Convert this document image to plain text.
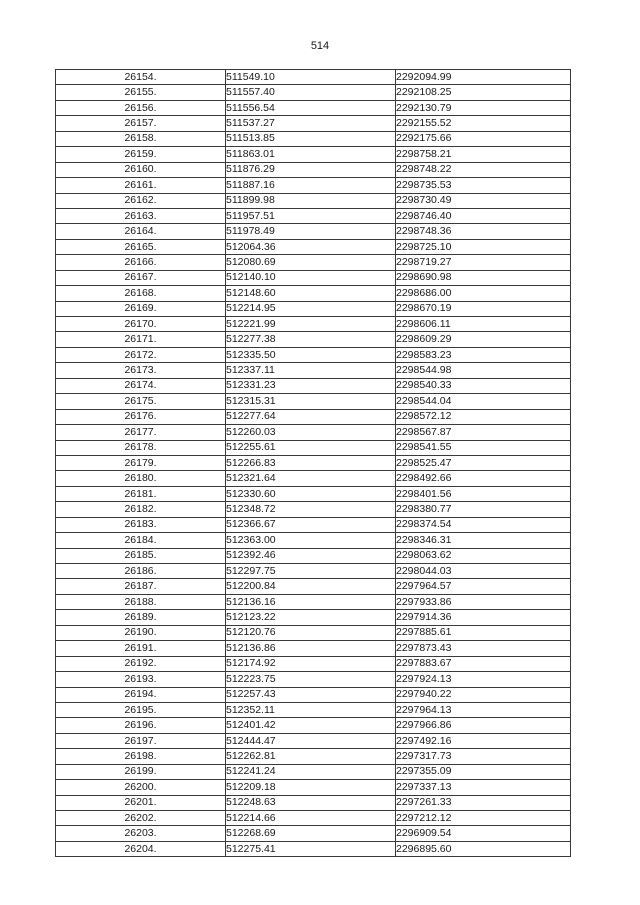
514
26154.	511549.10	2292094.99
26155.	511557.40	2292108.25
26156.	511556.54	2292130.79
26157.	511537.27	2292155.52
26158.	511513.85	2292175.66
26159.	511863.01	2298758.21
26160.	511876.29	2298748.22
26161.	511887.16	2298735.53
26162.	511899.98	2298730.49
26163.	511957.51	2298746.40
26164.	511978.49	2298748.36
26165.	512064.36	2298725.10
26166.	512080.69	2298719.27
26167.	512140.10	2298690.98
26168.	512148.60	2298686.00
26169.	512214.95	2298670.19
26170.	512221.99	2298606.11
26171.	512277.38	2298609.29
26172.	512335.50	2298583.23
26173.	512337.11	2298544.98
26174.	512331.23	2298540.33
26175.	512315.31	2298544.04
26176.	512277.64	2298572.12
26177.	512260.03	2298567.87
26178.	512255.61	2298541.55
26179.	512266.83	2298525.47
26180.	512321.64	2298492.66
26181.	512330.60	2298401.56
26182.	512348.72	2298380.77
26183.	512366.67	2298374.54
26184.	512363.00	2298346.31
26185.	512392.46	2298063.62
26186.	512297.75	2298044.03
26187.	512200.84	2297964.57
26188.	512136.16	2297933.86
26189.	512123.22	2297914.36
26190.	512120.76	2297885.61
26191.	512136.86	2297873.43
26192.	512174.92	2297883.67
26193.	512223.75	2297924.13
26194.	512257.43	2297940.22
26195.	512352.11	2297964.13
26196.	512401.42	2297966.86
26197.	512444.47	2297492.16
26198.	512262.81	2297317.73
26199.	512241.24	2297355.09
26200.	512209.18	2297337.13
26201.	512248.63	2297261.33
26202.	512214.66	2297212.12
26203.	512268.69	2296909.54
26204.	512275.41	2296895.60
